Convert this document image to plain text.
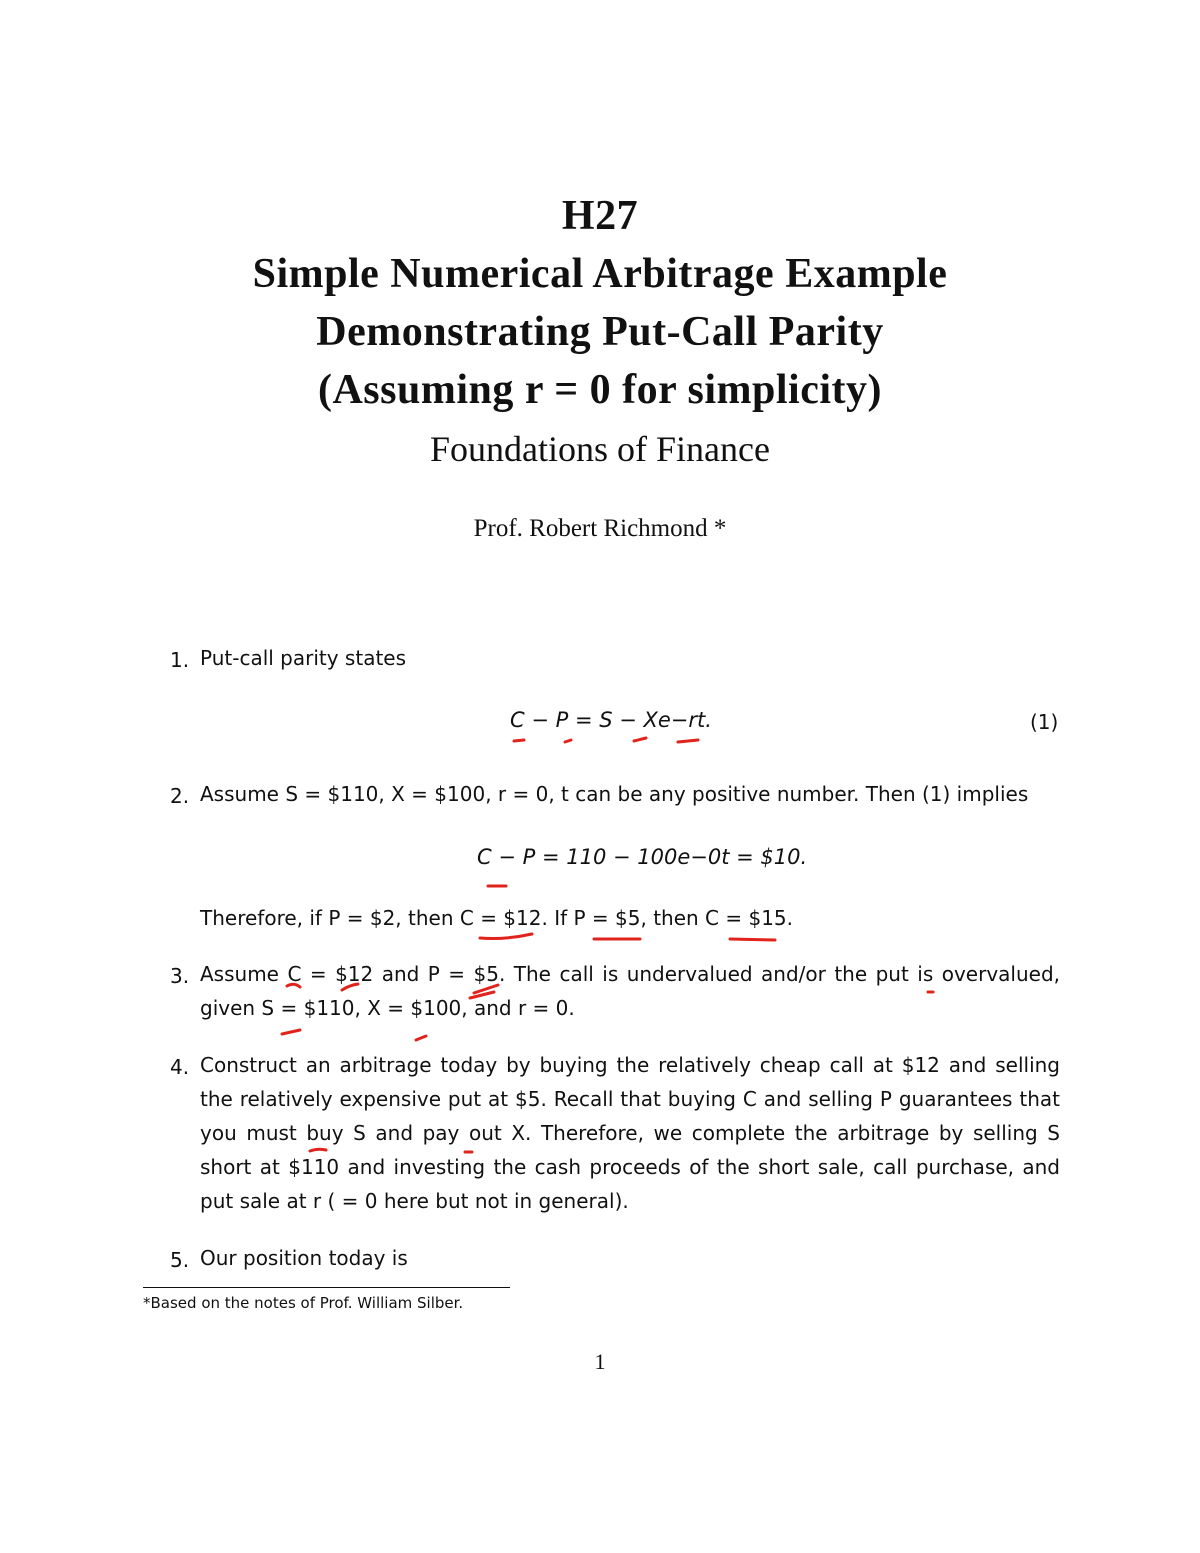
H27
Simple Numerical Arbitrage Example
Demonstrating Put-Call Parity
(Assuming r = 0 for simplicity)
Foundations of Finance
Prof. Robert Richmond *
1. Put-call parity states
C − P = S − Xe−rt.	(1)
2. Assume S = $110, X = $100, r = 0, t can be any positive number. Then (1) implies
C − P = 110 − 100e−0t = $10.
Therefore, if P = $2, then C = $12. If P = $5, then C = $15.
3. Assume C = $12 and P = $5. The call is undervalued and/or the put is overvalued, given S = $110, X = $100, and r = 0.
4. Construct an arbitrage today by buying the relatively cheap call at $12 and selling the relatively expensive put at $5. Recall that buying C and selling P guarantees that you must buy S and pay out X. Therefore, we complete the arbitrage by selling S short at $110 and investing the cash proceeds of the short sale, call purchase, and put sale at r ( = 0 here but not in general).
5. Our position today is
*Based on the notes of Prof. William Silber.
1
